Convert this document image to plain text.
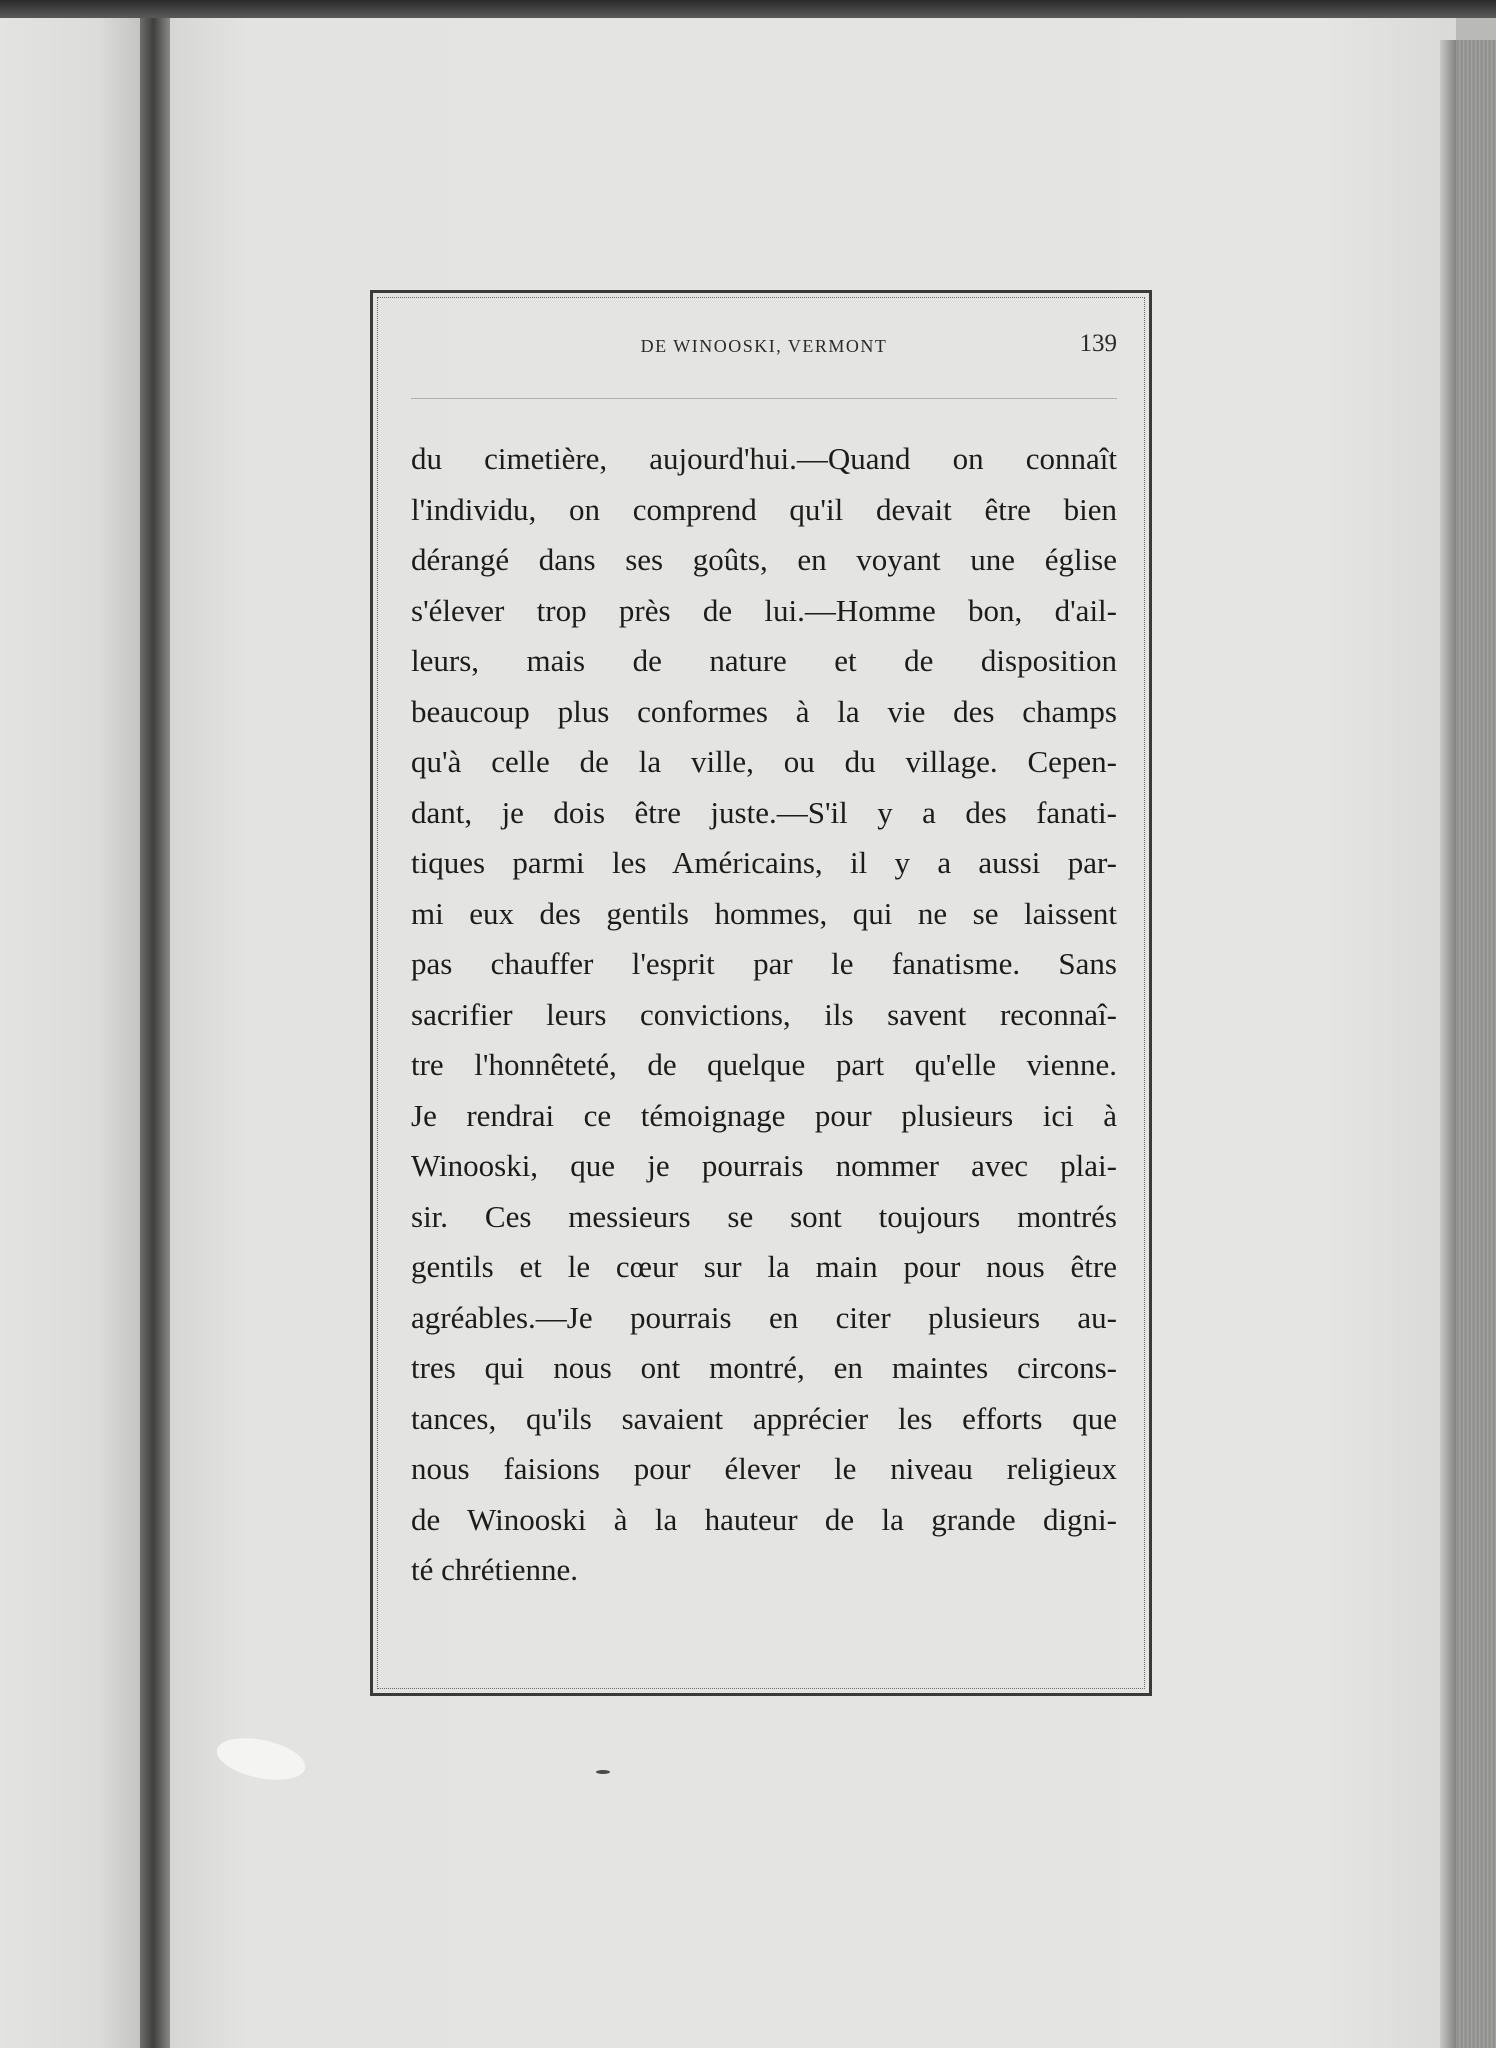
DE WINOOSKI, VERMONT	139
du cimetière, aujourd'hui.—Quand on connaît
l'individu, on comprend qu'il devait être bien
dérangé dans ses goûts, en voyant une église
s'élever trop près de lui.—Homme bon, d'ail-
leurs, mais de nature et de disposition
beaucoup plus conformes à la vie des champs
qu'à celle de la ville, ou du village. Cepen-
dant, je dois être juste.—S'il y a des fanati-
tiques parmi les Américains, il y a aussi par-
mi eux des gentils hommes, qui ne se laissent
pas chauffer l'esprit par le fanatisme. Sans
sacrifier leurs convictions, ils savent reconnaî-
tre l'honnêteté, de quelque part qu'elle vienne.
Je rendrai ce témoignage pour plusieurs ici à
Winooski, que je pourrais nommer avec plai-
sir. Ces messieurs se sont toujours montrés
gentils et le cœur sur la main pour nous être
agréables.—Je pourrais en citer plusieurs au-
tres qui nous ont montré, en maintes circons-
tances, qu'ils savaient apprécier les efforts que
nous faisions pour élever le niveau religieux
de Winooski à la hauteur de la grande digni-
té chrétienne.
